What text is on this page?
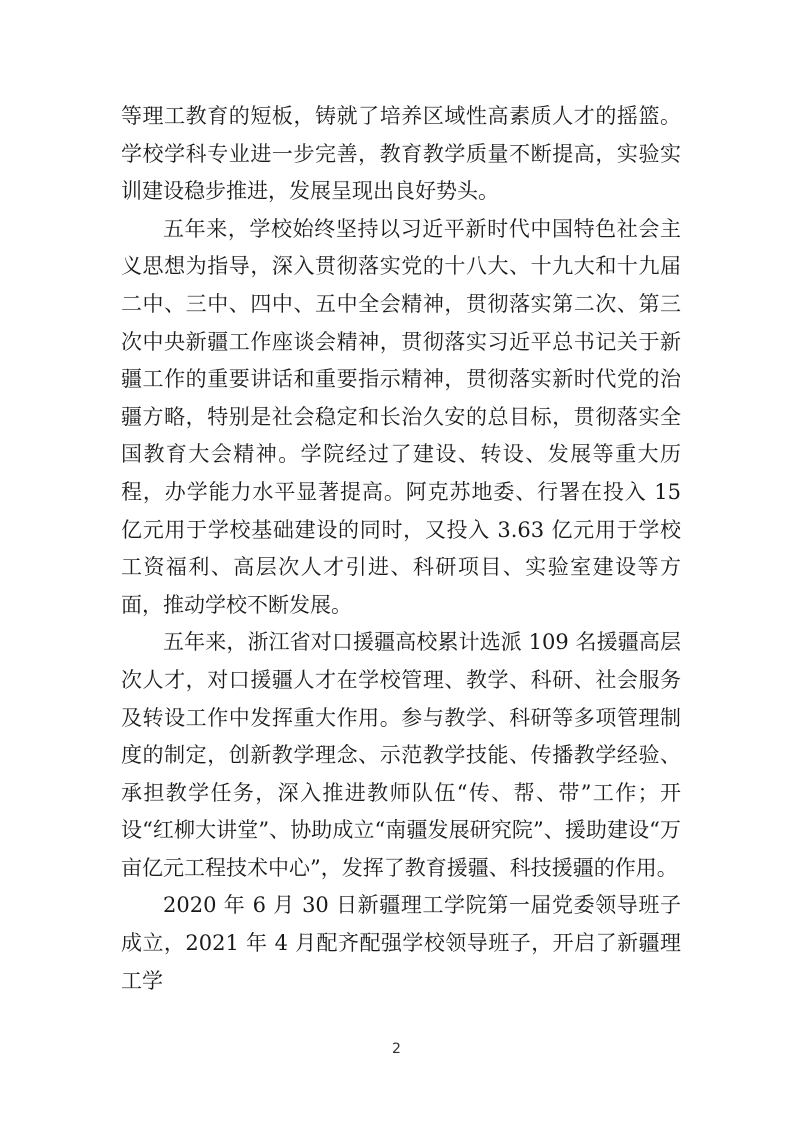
等理工教育的短板，铸就了培养区域性高素质人才的摇篮。学校学科专业进一步完善，教育教学质量不断提高，实验实训建设稳步推进，发展呈现出良好势头。

五年来，学校始终坚持以习近平新时代中国特色社会主义思想为指导，深入贯彻落实党的十八大、十九大和十九届二中、三中、四中、五中全会精神，贯彻落实第二次、第三次中央新疆工作座谈会精神，贯彻落实习近平总书记关于新疆工作的重要讲话和重要指示精神，贯彻落实新时代党的治疆方略，特别是社会稳定和长治久安的总目标，贯彻落实全国教育大会精神。学院经过了建设、转设、发展等重大历程，办学能力水平显著提高。阿克苏地委、行署在投入 15 亿元用于学校基础建设的同时，又投入 3.63 亿元用于学校工资福利、高层次人才引进、科研项目、实验室建设等方面，推动学校不断发展。

五年来，浙江省对口援疆高校累计选派 109 名援疆高层次人才，对口援疆人才在学校管理、教学、科研、社会服务及转设工作中发挥重大作用。参与教学、科研等多项管理制度的制定，创新教学理念、示范教学技能、传播教学经验、承担教学任务，深入推进教师队伍“传、帮、带”工作；开设“红柳大讲堂”、协助成立“南疆发展研究院”、援助建设“万亩亿元工程技术中心”，发挥了教育援疆、科技援疆的作用。

2020 年 6 月 30 日新疆理工学院第一届党委领导班子成立，2021 年 4 月配齐配强学校领导班子，开启了新疆理工学

2
